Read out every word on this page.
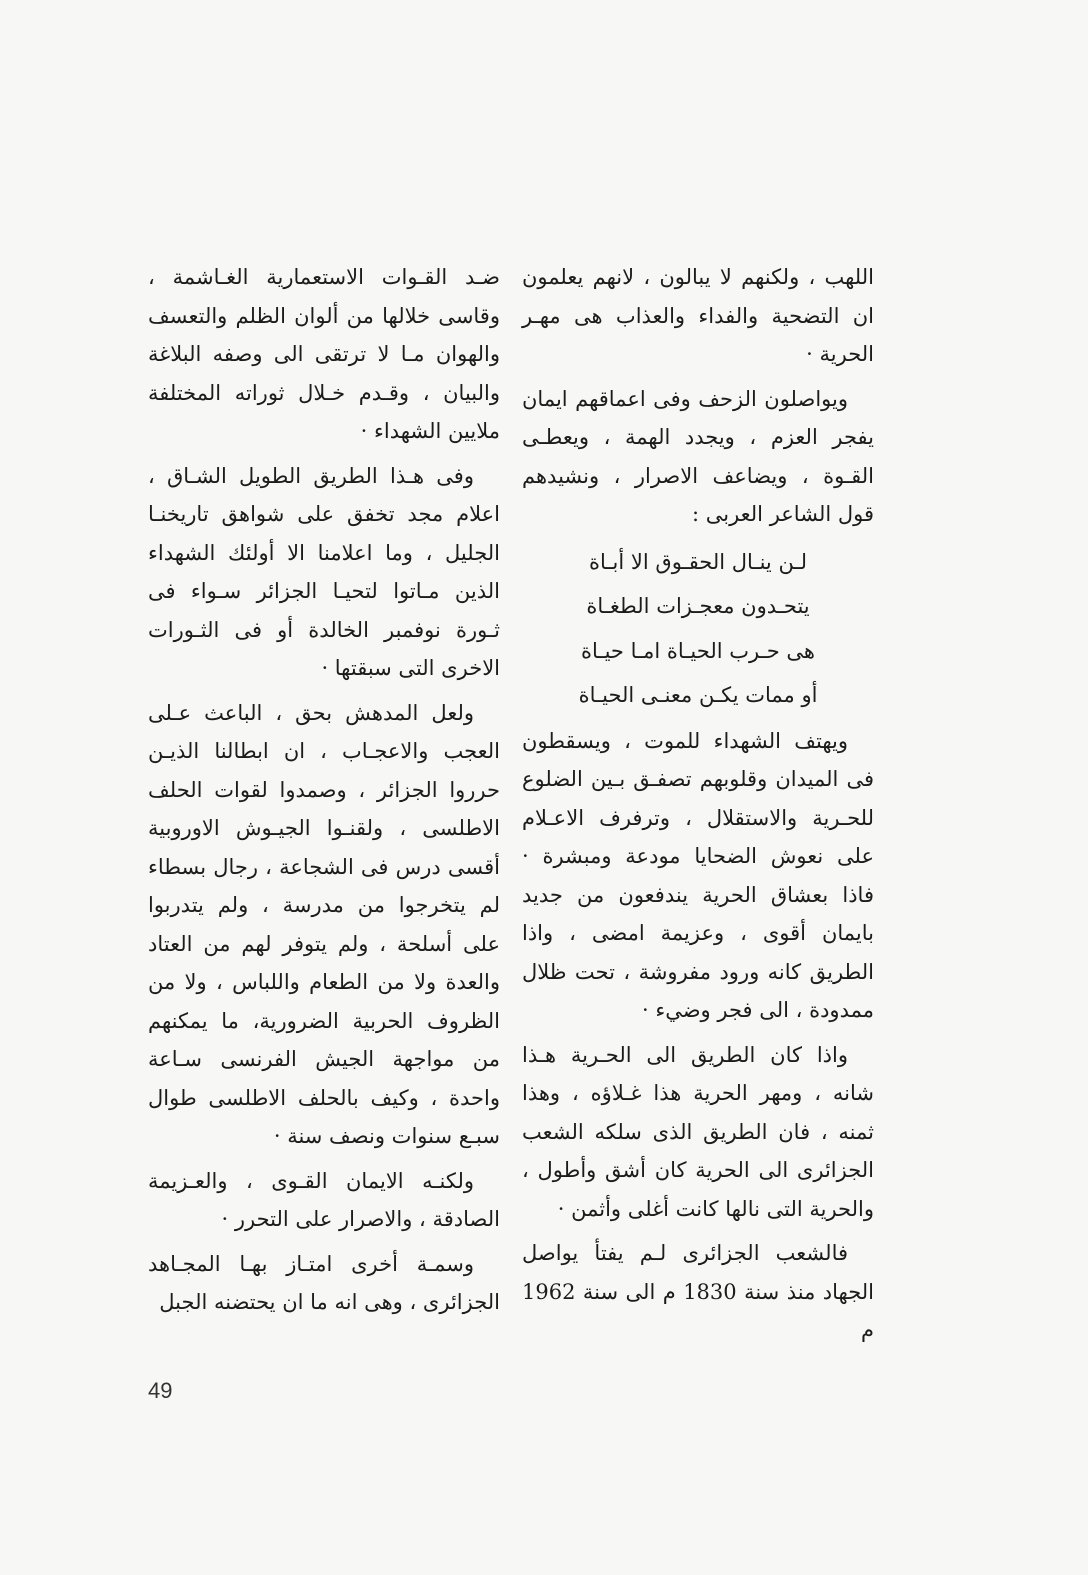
اللهب ، ولكنهم لا يبالون ، لانهم يعلمون ان التضحية والفداء والعذاب هى مهـر الحرية ·

ويواصلون الزحف وفى اعماقهم ايمان يفجر العزم ، ويجدد الهمة ، ويعطـى القـوة ، ويضاعف الاصرار ، ونشيدهم قول الشاعر العربى :

لـن ينـال الحقـوق الا أبـاة
يتحـدون معجـزات الطغـاة
هى حـرب الحيـاة امـا حيـاة
أو ممات يكـن معنـى الحيـاة

ويهتف الشهداء للموت ، ويسقطون فى الميدان وقلوبهم تصفـق بـين الضلوع للحـرية والاستقلال ، وترفرف الاعـلام على نعوش الضحايا مودعة ومبشرة · فاذا بعشاق الحرية يندفعون من جديد بايمان أقوى ، وعزيمة امضى ، واذا الطريق كانه ورود مفروشة ، تحت ظلال ممدودة ، الى فجر وضيء ·

واذا كان الطريق الى الحـرية هـذا شانه ، ومهر الحرية هذا غـلاؤه ، وهذا ثمنه ، فان الطريق الذى سلكه الشعب الجزائرى الى الحرية كان أشق وأطول ، والحرية التى نالها كانت أغلى وأثمن ·

فالشعب الجزائرى لـم يفتأ يواصل الجهاد منذ سنة 1830 م الى سنة 1962 م

ضـد القـوات الاستعمارية الغـاشمة ، وقاسى خلالها من ألوان الظلم والتعسف والهوان مـا لا ترتقى الى وصفه البلاغة والبيان ، وقـدم خـلال ثوراته المختلفة ملايين الشهداء ·

وفى هـذا الطريق الطويل الشـاق ، اعلام مجد تخفق على شواهق تاريخنـا الجليل ، وما اعلامنا الا أولئك الشهداء الذين مـاتوا لتحيـا الجزائر سـواء فى ثـورة نوفمبر الخالدة أو فى الثـورات الاخرى التى سبقتها ·

ولعل المدهش بحق ، الباعث عـلى العجب والاعجـاب ، ان ابطالنا الذيـن حرروا الجزائر ، وصمدوا لقوات الحلف الاطلسى ، ولقنـوا الجيـوش الاوروبية أقسى درس فى الشجاعة ، رجال بسطاء لم يتخرجوا من مدرسة ، ولم يتدربوا على أسلحة ، ولم يتوفر لهم من العتاد والعدة ولا من الطعام واللباس ، ولا من الظروف الحربية الضرورية، ما يمكنهم من مواجهة الجيش الفرنسى سـاعة واحدة ، وكيف بالحلف الاطلسى طوال سبـع سنوات ونصف سنة ·

ولكنـه الايمان القـوى ، والعـزيمة الصادقة ، والاصرار على التحرر ·

وسمـة أخرى امتـاز بهـا المجـاهد الجزائرى ، وهى انه ما ان يحتضنه الجبل

49
